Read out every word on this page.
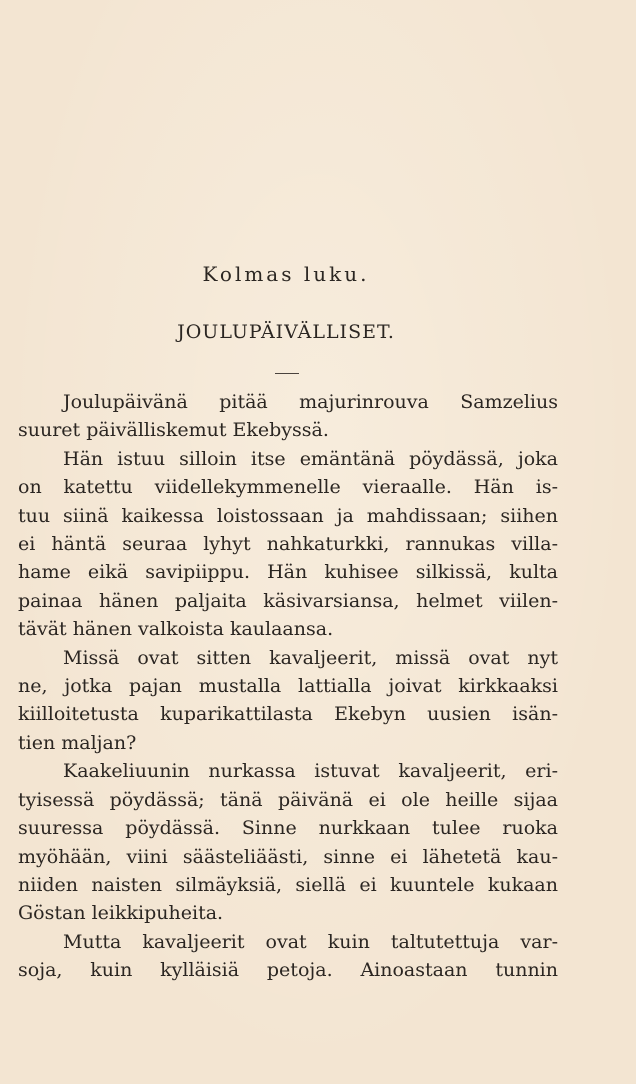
Kolmas luku.
JOULUPÄIVÄLLISET.
Joulupäivänä pitää majurinrouva Samzelius
suuret päivälliskemut Ekebyssä.
Hän istuu silloin itse emäntänä pöydässä, joka
on katettu viidellekymmenelle vieraalle. Hän is-
tuu siinä kaikessa loistossaan ja mahdissaan; siihen
ei häntä seuraa lyhyt nahkaturkki, rannukas villa-
hame eikä savipiippu. Hän kuhisee silkissä, kulta
painaa hänen paljaita käsivarsiansa, helmet viilen-
tävät hänen valkoista kaulaansa.
Missä ovat sitten kavaljeerit, missä ovat nyt
ne, jotka pajan mustalla lattialla joivat kirkkaaksi
kiilloitetusta kuparikattilasta Ekebyn uusien isän-
tien maljan?
Kaakeliuunin nurkassa istuvat kavaljeerit, eri-
tyisessä pöydässä; tänä päivänä ei ole heille sijaa
suuressa pöydässä. Sinne nurkkaan tulee ruoka
myöhään, viini säästeliäästi, sinne ei lähetetä kau-
niiden naisten silmäyksiä, siellä ei kuuntele kukaan
Göstan leikkipuheita.
Mutta kavaljeerit ovat kuin taltutettuja var-
soja, kuin kylläisiä petoja. Ainoastaan tunnin
